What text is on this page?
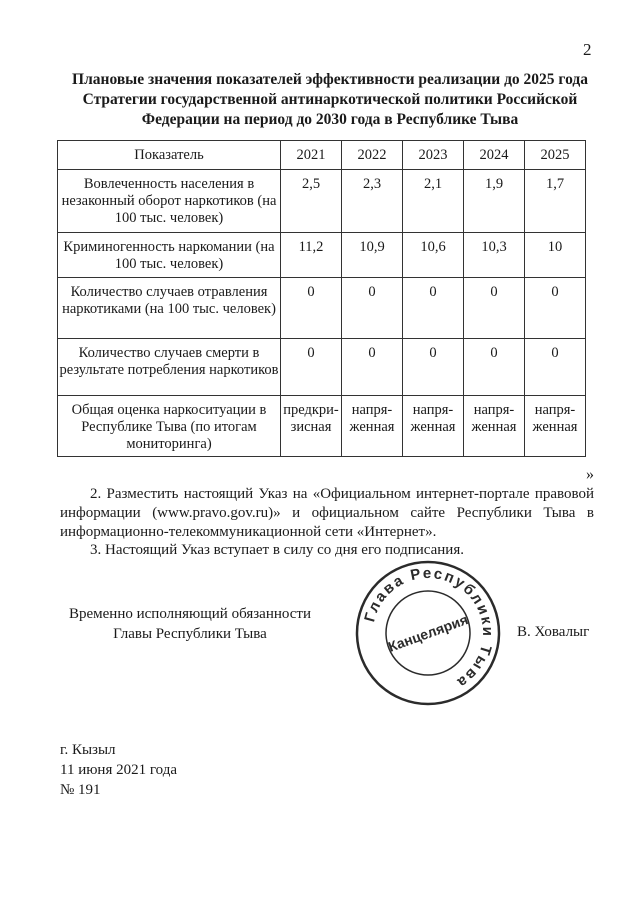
2
Плановые значения показателей эффективности реализации до 2025 года
Стратегии государственной антинаркотической политики Российской
Федерации на период до 2030 года в Республике Тыва
Показатель	2021	2022	2023	2024	2025
Вовлеченность населения в незаконный оборот наркотиков (на 100 тыс. человек)	2,5	2,3	2,1	1,9	1,7
Криминогенность наркомании (на 100 тыс. человек)	11,2	10,9	10,6	10,3	10
Количество случаев отравления наркотиками (на 100 тыс. человек)	0	0	0	0	0
Количество случаев смерти в результате потребления наркотиков	0	0	0	0	0
Общая оценка наркоситуации в Республике Тыва (по итогам мониторинга)	предкри-зисная	напря-женная	напря-женная	напря-женная	напря-женная
»
2. Разместить настоящий Указ на «Официальном интернет-портале правовой информации (www.pravo.gov.ru)» и официальном сайте Республики Тыва в информационно-телекоммуникационной сети «Интернет».
3. Настоящий Указ вступает в силу со дня его подписания.
Временно исполняющий обязанности
Главы Республики Тыва
Глава Республики Тыва
Канцелярия	В. Ховалыг
г. Кызыл
11 июня 2021 года
№ 191
